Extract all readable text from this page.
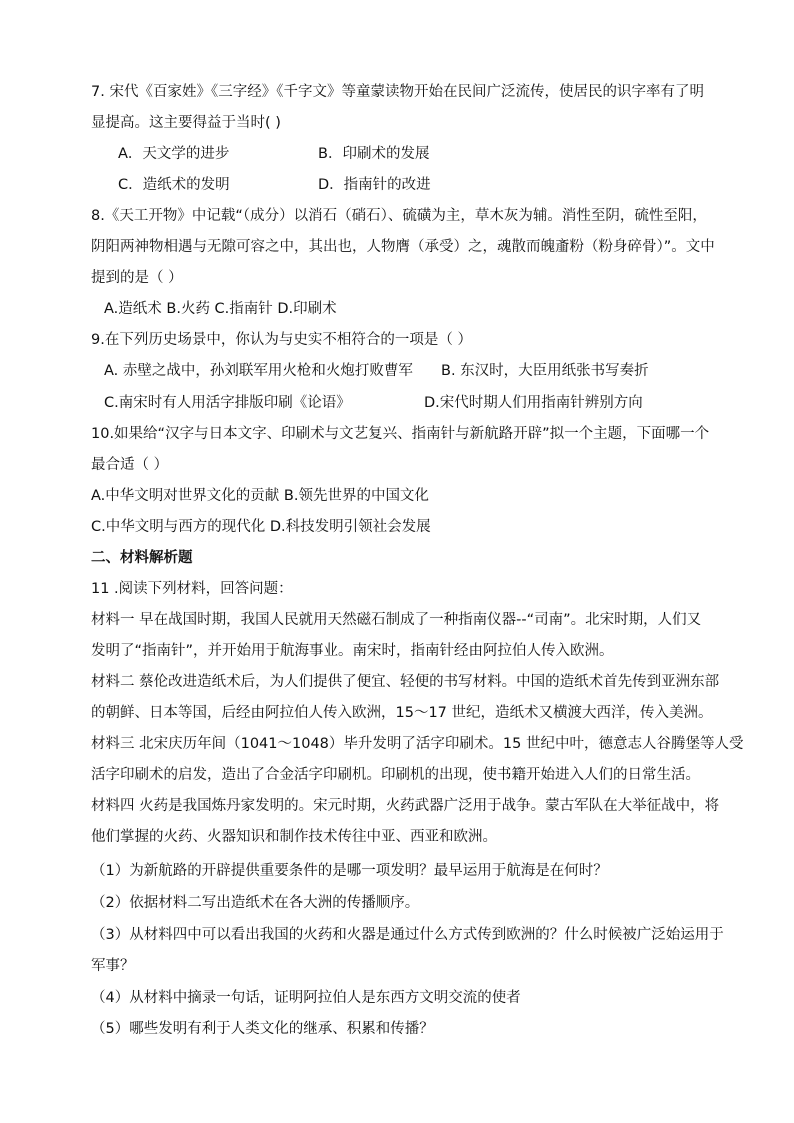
7. 宋代《百家姓》《三字经》《千字文》等童蒙读物开始在民间广泛流传，使居民的识字率有了明
显提高。这主要得益于当时( )
A．天文学的进步	B．印刷术的发展
C．造纸术的发明	D．指南针的改进
8.《天工开物》中记载“（成分）以消石（硝石）、硫磺为主，草木灰为辅。消性至阴，硫性至阳，
阴阳两神物相遇与无隙可容之中，其出也，人物膺（承受）之，魂散而魄齑粉（粉身碎骨）”。文中
提到的是（ ）
A.造纸术 B.火药 C.指南针 D.印刷术
9.在下列历史场景中，你认为与史实不相符合的一项是（ ）
A. 赤壁之战中，孙刘联军用火枪和火炮打败曹军 B. 东汉时，大臣用纸张书写奏折
C.南宋时有人用活字排版印刷《论语》	D.宋代时期人们用指南针辨别方向
10.如果给“汉字与日本文字、印刷术与文艺复兴、指南针与新航路开辟”拟一个主题，下面哪一个
最合适（ ）
A.中华文明对世界文化的贡献 B.领先世界的中国文化
C.中华文明与西方的现代化 D.科技发明引领社会发展
二、材料解析题
11 .阅读下列材料，回答问题：
材料一 早在战国时期，我国人民就用天然磁石制成了一种指南仪器--“司南”。北宋时期，人们又
发明了“指南针”，并开始用于航海事业。南宋时，指南针经由阿拉伯人传入欧洲。
材料二 蔡伦改进造纸术后，为人们提供了便宜、轻便的书写材料。中国的造纸术首先传到亚洲东部
的朝鲜、日本等国，后经由阿拉伯人传入欧洲，15～17 世纪，造纸术又横渡大西洋，传入美洲。
材料三 北宋庆历年间（1041～1048）毕升发明了活字印刷术。15 世纪中叶，德意志人谷腾堡等人受
活字印刷术的启发，造出了合金活字印刷机。印刷机的出现，使书籍开始进入人们的日常生活。
材料四 火药是我国炼丹家发明的。宋元时期，火药武器广泛用于战争。蒙古军队在大举征战中，将
他们掌握的火药、火器知识和制作技术传往中亚、西亚和欧洲。
（1）为新航路的开辟提供重要条件的是哪一项发明？最早运用于航海是在何时？
（2）依据材料二写出造纸术在各大洲的传播顺序。
（3）从材料四中可以看出我国的火药和火器是通过什么方式传到欧洲的？什么时候被广泛始运用于
军事？
（4）从材料中摘录一句话，证明阿拉伯人是东西方文明交流的使者
（5）哪些发明有利于人类文化的继承、积累和传播？
